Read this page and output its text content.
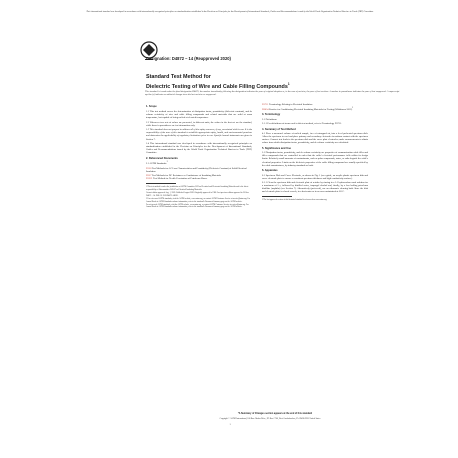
This international standard was developed in accordance with internationally recognized principles on standardization established in the Decision on Principles for the Development of International Standards, Guides and Recommendations issued by the World Trade Organization Technical Barriers to Trade (TBT) Committee.
Designation: D4872 – 14 (Reapproved 2020)
Standard Test Method for
Dielectric Testing of Wire and Cable Filling Compounds$^1$
This standard is issued under the fixed designation D4872; the number immediately following the designation indicates the year of original adoption or, in the case of revision, the year of last revision. A number in parentheses indicates the year of last reapproval. A superscript epsilon (ε) indicates an editorial change since the last revision or reapproval.
1. Scope

1.1 This test method covers the determination of dissipation factor, permittivity (dielectric constant), and dc volume resistivity of wire and cable filling compounds and related materials that are solid at room temperature, but capable of being melted at elevated temperature.

1.2 Whenever two sets of values are presented, in different units, the values in the first set are the standard, while those in parentheses are for information only.

1.3 This standard does not purport to address all of the safety concerns, if any, associated with its use. It is the responsibility of the user of this standard to establish appropriate safety, health, and environmental practices and determine the applicability of regulatory limitations prior to use. Specific hazard statements are given in Section 7.

1.4 This international standard was developed in accordance with internationally recognized principles on standardization established in the Decision on Principles for the Development of International Standards, Guides and Recommendations issued by the World Trade Organization Technical Barriers to Trade (TBT) Committee.

2. Referenced Documents

2.1 ASTM Standards:$^2$

D150 Test Methods for AC Loss Characteristics and Permittivity (Dielectric Constant) of Solid Electrical Insulation
D257 Test Methods for DC Resistance or Conductance of Insulating Materials
D1321 Test Method for Needle Penetration of Petroleum Waxes
1 This test method is under the jurisdiction of ASTM Committee D09 on Electrical and Electronic Insulating Materials and is the direct responsibility of Subcommittee D09.07 on Electrical Insulating Materials.
Current edition approved Aug. 1, 2020. Published August 2020. Originally approved in 1988. Last previous edition approved in 2014 as D4872 – 14. DOI: 10.1520/D4872-14R20.
2 For referenced ASTM standards, visit the ASTM website, www.astm.org, or contact ASTM Customer Service at service@astm.org. For Annual Book of ASTM Standards volume information, refer to the standard's Document Summary page on the ASTM website.
For referenced ASTM standards, visit the ASTM website, www.astm.org, or contact ASTM Customer Service at service@astm.org. For Annual Book of ASTM Standards volume information, refer to the standard's Document Summary page on the ASTM website.
D1711 Terminology Relating to Electrical Insulation
D6054 Practice for Conditioning Electrical Insulating Materials for Testing (Withdrawn 2012)$^3$
3. Terminology

3.1 Definitions:

3.1.1 For definitions of terms used in this test method, refer to Terminology D1711.

4. Summary of Test Method

4.1 Place a measured volume of melted sample, free of entrapped air, into a level preheated specimen dish. Allow the specimen to cool and place primary and secondary electrodes in uniform contact with the specimen surface. Connect test leads to the specimen dish and the cover plate electrodes; make measurements to obtain values from which dissipation factor, permittivity, and dc volume resistivity are calculated.

5. Significance and Use

5.1 Dissipation factor, permittivity, and dc volume resistivity are properties of communication cable filler and filler compounds that are controlled in order that the cable's electrical performance falls within its design limits. Relatively small amounts of contaminants, such as polar compounds, water, or salts degrade the cable's electrical properties. Limits on the dielectric properties of the cable filling compound are usually specified by the cable manufacturer, by industry standards or both.

6. Apparatus

6.1 Specimen Dish and Cover Electrode, as shown in Fig. 1 (as a guide, an acrylic plastic specimen dish and cover electrode plate to ensure a consistent specimen thickness and high conductivity surface).

6.1.1 Clean the specimen dish and electrode plate of residue by rinsing in a 1:1 hydrocarbon wash solution for a maximum of 5 s, followed by distilled water, isopropyl alcohol and, finally, by a low boiling petroleum distillate (naphtha) (see Section 7). Alternatively (preferred), use an ultrasonic cleaning bath. Store the dish and electrode plate in closed vessels, in a desiccator or in an oven maintained at 50°C.

3 The last approved version of this historical standard is referenced on www.astm.org.
*A Summary of Changes section appears at the end of this standard
Copyright © ASTM International, 100 Barr Harbor Drive, PO Box C700, West Conshohocken, PA 19428-2959. United States
1
